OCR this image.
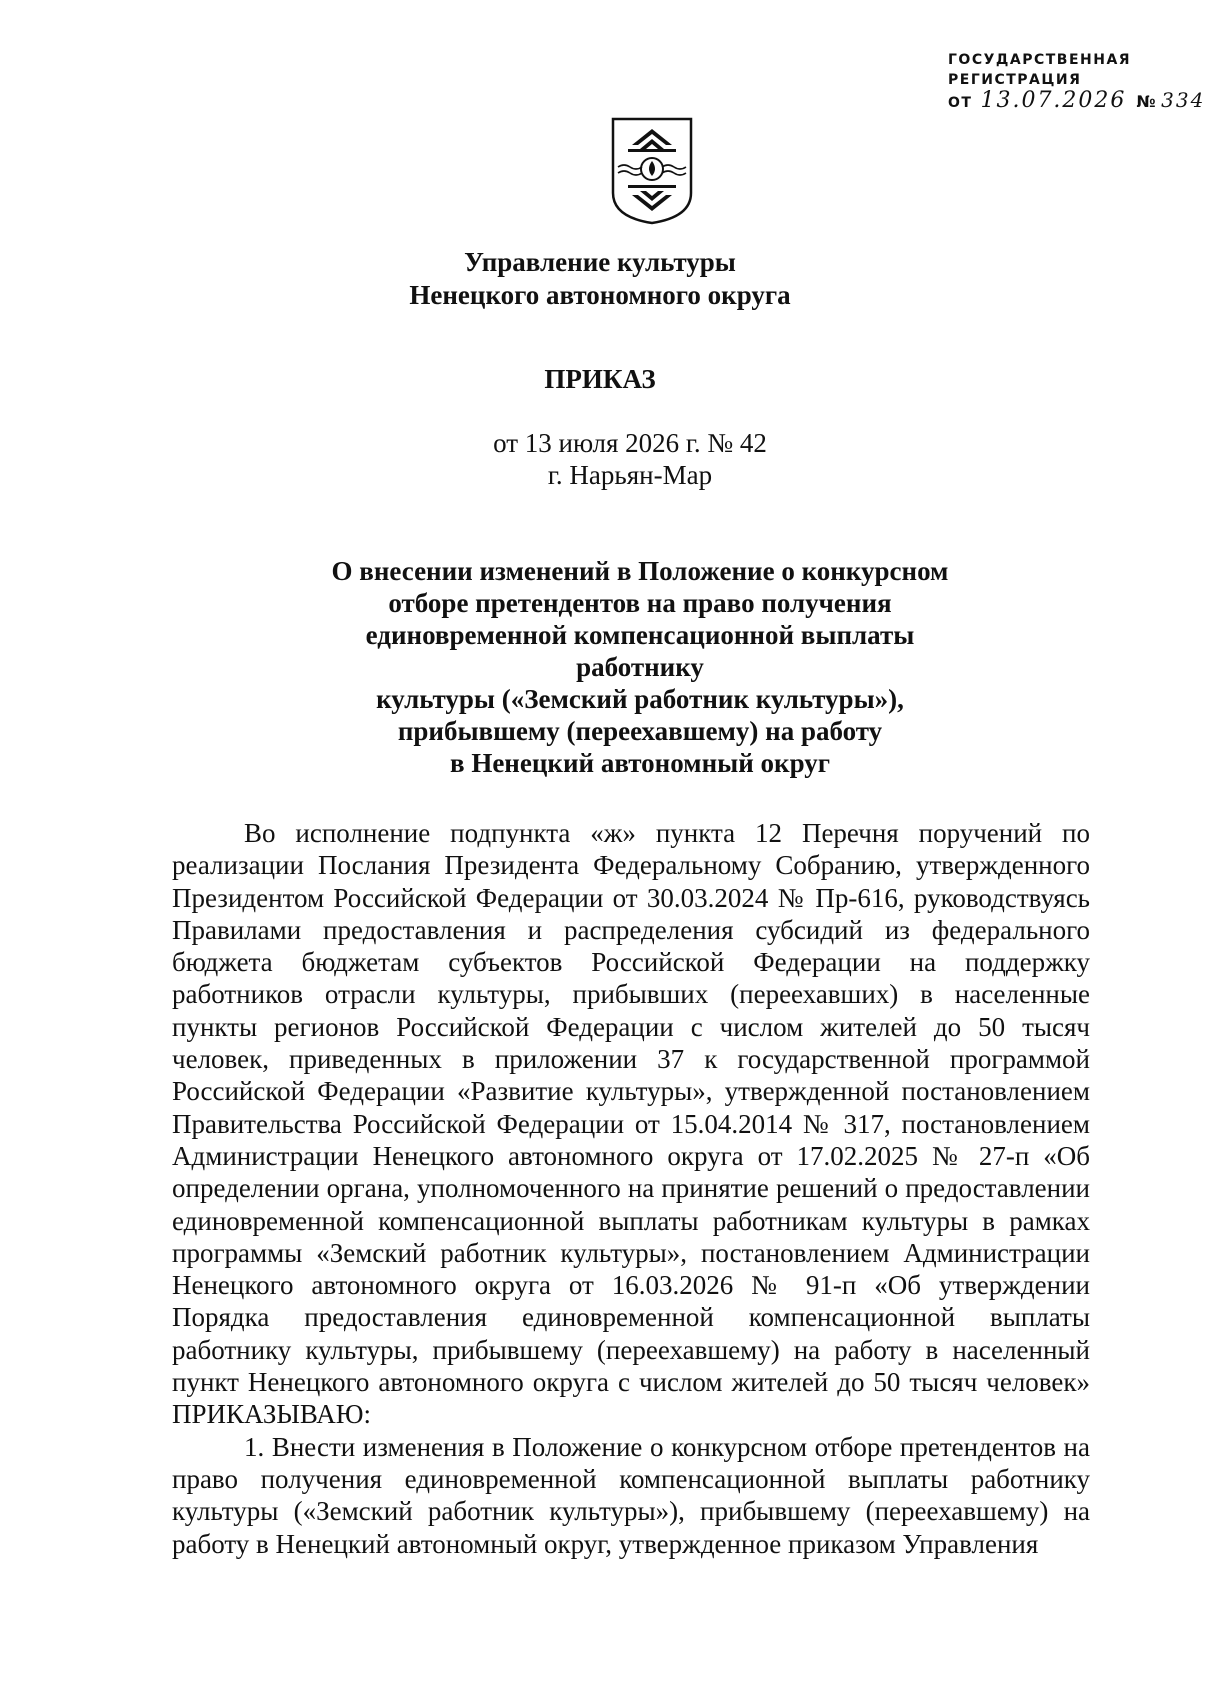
ГОСУДАРСТВЕННАЯ
РЕГИСТРАЦИЯ
ОТ 13.07.2026 № 334
Управление культуры
Ненецкого автономного округа
ПРИКАЗ
от 13 июля 2026 г. № 42
г. Нарьян-Мар
О внесении изменений в Положение о конкурсном
отборе претендентов на право получения
единовременной компенсационной выплаты работнику
культуры («Земский работник культуры»),
прибывшему (переехавшему) на работу
в Ненецкий автономный округ

Во исполнение подпункта «ж» пункта 12 Перечня поручений по реализации Послания Президента Федеральному Собранию, утвержденного Президентом Российской Федерации от 30.03.2024 № Пр-616, руководствуясь Правилами предоставления и распределения субсидий из федерального бюджета бюджетам субъектов Российской Федерации на поддержку работников отрасли культуры, прибывших (переехавших) в населенные пункты регионов Российской Федерации с числом жителей до 50 тысяч человек, приведенных в приложении 37 к государственной программой Российской Федерации «Развитие культуры», утвержденной постановлением Правительства Российской Федерации от 15.04.2014 № 317, постановлением Администрации Ненецкого автономного округа от 17.02.2025 № 27-п «Об определении органа, уполномоченного на принятие решений о предоставлении единовременной компенсационной выплаты работникам культуры в рамках программы «Земский работник культуры», постановлением Администрации Ненецкого автономного округа от 16.03.2026 № 91-п «Об утверждении Порядка предоставления единовременной компенсационной выплаты работнику культуры, прибывшему (переехавшему) на работу в населенный пункт Ненецкого автономного округа с числом жителей до 50 тысяч человек» ПРИКАЗЫВАЮ:

1. Внести изменения в Положение о конкурсном отборе претендентов на право получения единовременной компенсационной выплаты работнику культуры («Земский работник культуры»), прибывшему (переехавшему) на работу в Ненецкий автономный округ, утвержденное приказом Управления
